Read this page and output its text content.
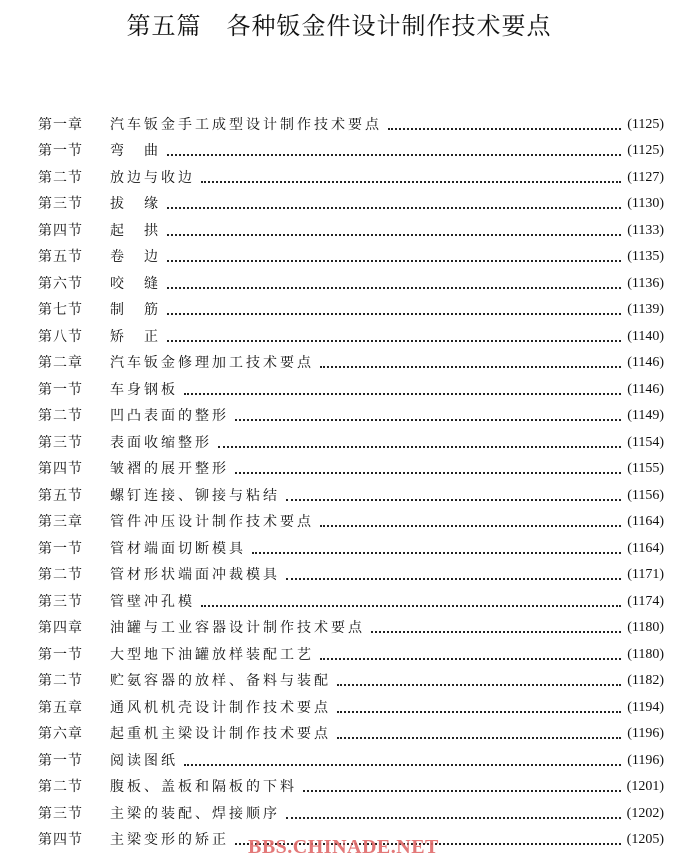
第五篇　各种钣金件设计制作技术要点
第一章	汽车钣金手工成型设计制作技术要点	(1125)
第一节	弯　曲	(1125)
第二节	放边与收边	(1127)
第三节	拔　缘	(1130)
第四节	起　拱	(1133)
第五节	卷　边	(1135)
第六节	咬　缝	(1136)
第七节	制　筋	(1139)
第八节	矫　正	(1140)
第二章	汽车钣金修理加工技术要点	(1146)
第一节	车身钢板	(1146)
第二节	凹凸表面的整形	(1149)
第三节	表面收缩整形	(1154)
第四节	皱褶的展开整形	(1155)
第五节	螺钉连接、铆接与粘结	(1156)
第三章	管件冲压设计制作技术要点	(1164)
第一节	管材端面切断模具	(1164)
第二节	管材形状端面冲裁模具	(1171)
第三节	管壁冲孔模	(1174)
第四章	油罐与工业容器设计制作技术要点	(1180)
第一节	大型地下油罐放样装配工艺	(1180)
第二节	贮氨容器的放样、备料与装配	(1182)
第五章	通风机机壳设计制作技术要点	(1194)
第六章	起重机主梁设计制作技术要点	(1196)
第一节	阅读图纸	(1196)
第二节	腹板、盖板和隔板的下料	(1201)
第三节	主梁的装配、焊接顺序	(1202)
第四节	主梁变形的矫正	(1205)
BBS.CHINADE.NET
